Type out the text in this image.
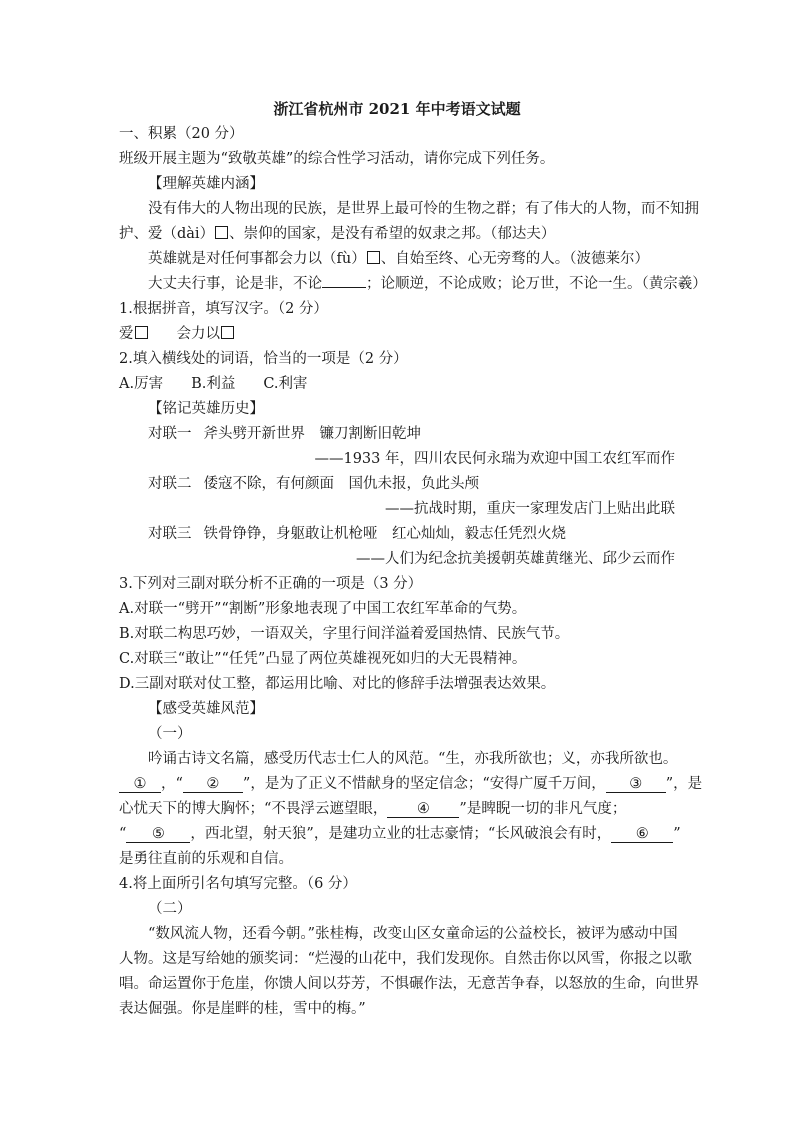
浙江省杭州市 2021 年中考语文试题
一、积累（20 分）
班级开展主题为“致敬英雄”的综合性学习活动，请你完成下列任务。
【理解英雄内涵】
没有伟大的人物出现的民族，是世界上最可怜的生物之群；有了伟大的人物，而不知拥
护、爱（dài） 、崇仰的国家，是没有希望的奴隶之邦。（郁达夫）
英雄就是对任何事都会力以（fù） 、自始至终、心无旁骛的人。（波德莱尔）
大丈夫行事，论是非，不论	；论顺逆，不论成败；论万世，不论一生。（黄宗羲）
1.根据拼音，填写汉字。（2 分）
爱	会力以
2.填入横线处的词语，恰当的一项是（2 分）
A.厉害 B.利益 C.利害
【铭记英雄历史】
对联一 斧头劈开新世界　镰刀割断旧乾坤
——1933 年，四川农民何永瑞为欢迎中国工农红军而作
对联二 倭寇不除，有何颜面　国仇未报，负此头颅
——抗战时期，重庆一家理发店门上贴出此联
对联三 铁骨铮铮，身躯敢让机枪哑　红心灿灿，毅志任凭烈火烧
——人们为纪念抗美援朝英雄黄继光、邱少云而作
3.下列对三副对联分析不正确的一项是（3 分）
A.对联一“劈开”“割断”形象地表现了中国工农红军革命的气势。
B.对联二构思巧妙，一语双关，字里行间洋溢着爱国热情、民族气节。
C.对联三“敢让”“任凭”凸显了两位英雄视死如归的大无畏精神。
D.三副对联对仗工整，都运用比喻、对比的修辞手法增强表达效果。
【感受英雄风范】
（一）
吟诵古诗文名篇，感受历代志士仁人的风范。“生，亦我所欲也；义，亦我所欲也。
① ，“ ② ”，是为了正义不惜献身的坚定信念；“安得广厦千万间， ③ ”，是
心忧天下的博大胸怀；“不畏浮云遮望眼， ④ ”是睥睨一切的非凡气度；
“ ⑤ ，西北望，射天狼”，是建功立业的壮志豪情；“长风破浪会有时， ⑥ ”
是勇往直前的乐观和自信。
4.将上面所引名句填写完整。（6 分）
（二）
“数风流人物，还看今朝。”张桂梅，改变山区女童命运的公益校长，被评为感动中国
人物。这是写给她的颁奖词：“烂漫的山花中，我们发现你。自然击你以风雪，你报之以歌
唱。命运置你于危崖，你馈人间以芬芳，不惧碾作法，无意苦争春，以怒放的生命，向世界
表达倔强。你是崖畔的桂，雪中的梅。”
